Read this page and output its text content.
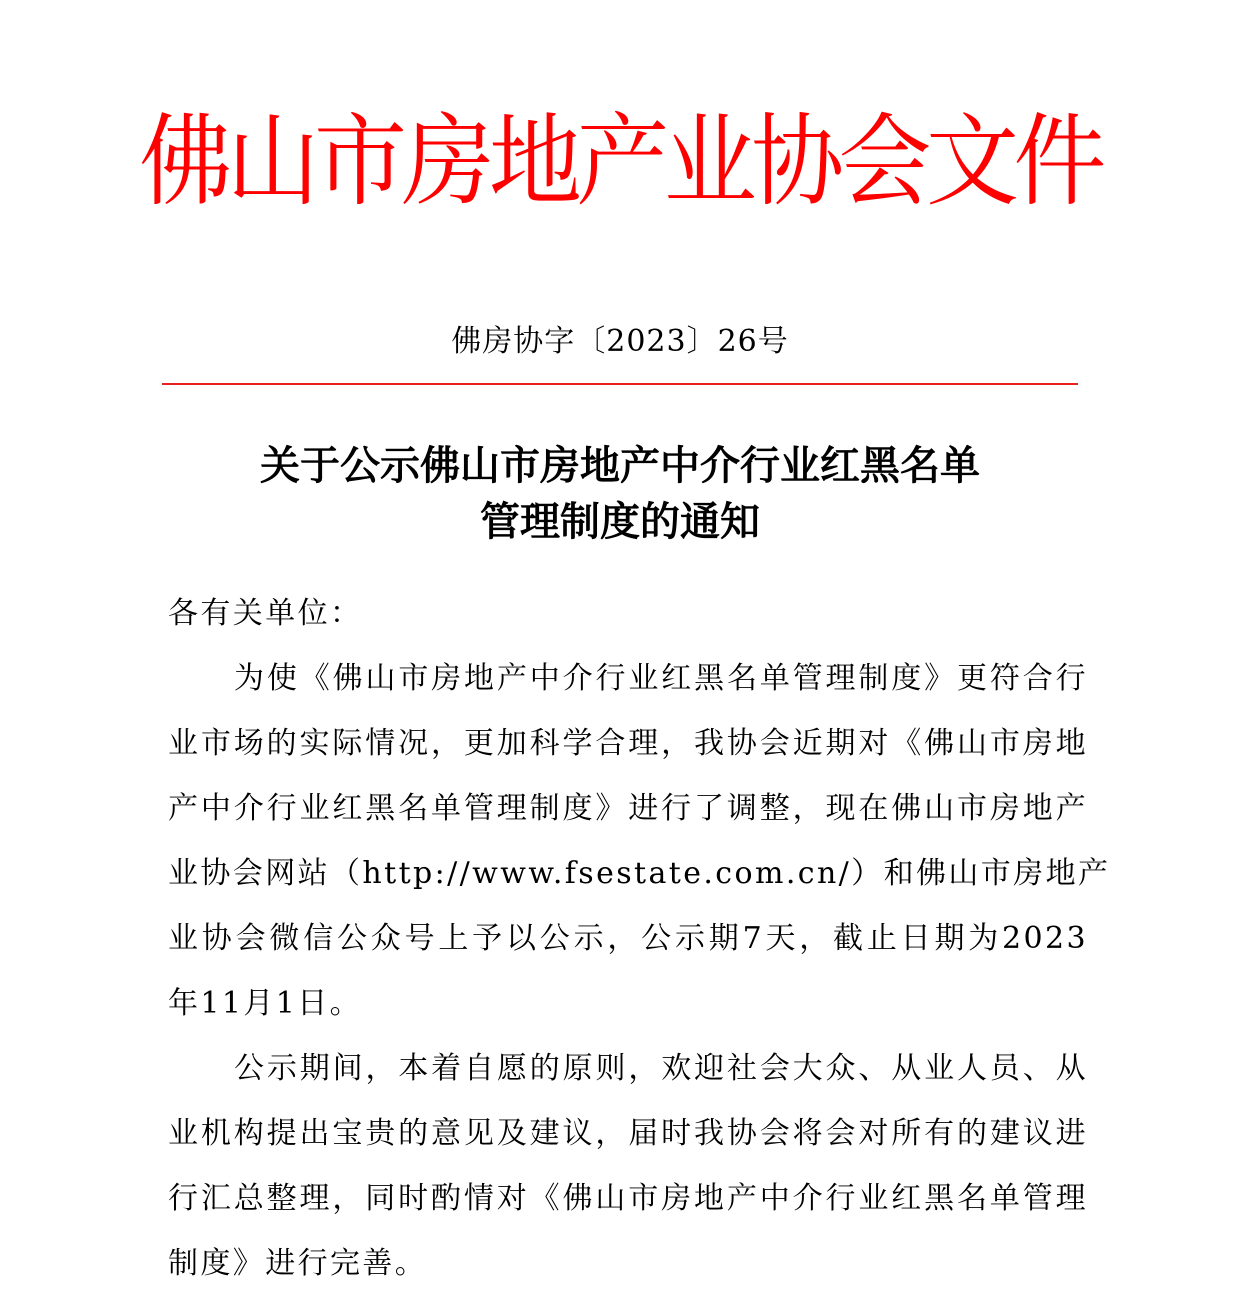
佛山市房地产业协会文件
佛房协字〔2023〕26号
关于公示佛山市房地产中介行业红黑名单
管理制度的通知
各有关单位：
为使《佛山市房地产中介行业红黑名单管理制度》更符合行
业市场的实际情况，更加科学合理，我协会近期对《佛山市房地
产中介行业红黑名单管理制度》进行了调整，现在佛山市房地产
业协会网站（http://www.fsestate.com.cn/）和佛山市房地产
业协会微信公众号上予以公示，公示期7天，截止日期为2023
年11月1日。
公示期间，本着自愿的原则，欢迎社会大众、从业人员、从
业机构提出宝贵的意见及建议，届时我协会将会对所有的建议进
行汇总整理，同时酌情对《佛山市房地产中介行业红黑名单管理
制度》进行完善。
